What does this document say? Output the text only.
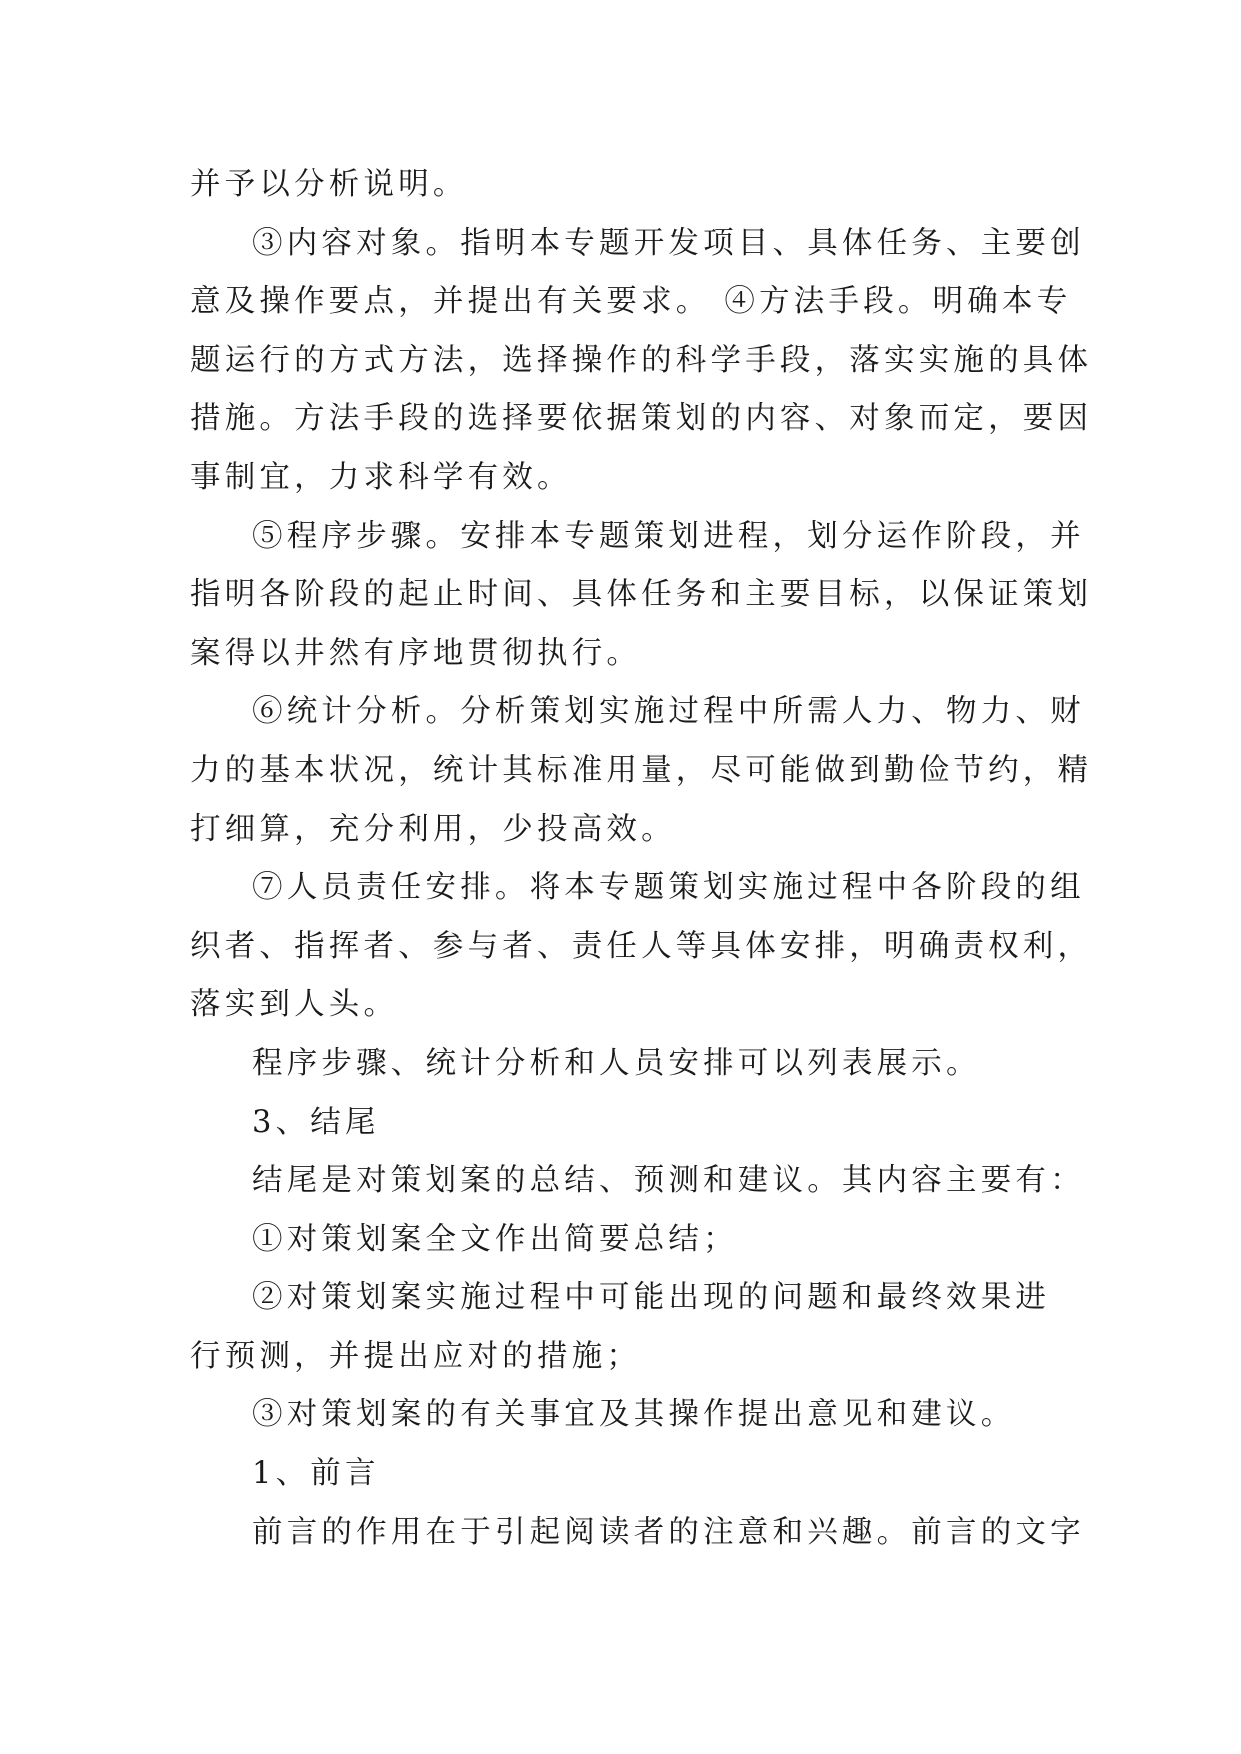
并予以分析说明。

③内容对象。指明本专题开发项目、具体任务、主要创

意及操作要点，并提出有关要求。 ④方法手段。明确本专

题运行的方式方法，选择操作的科学手段，落实实施的具体

措施。方法手段的选择要依据策划的内容、对象而定，要因

事制宜，力求科学有效。

⑤程序步骤。安排本专题策划进程，划分运作阶段，并

指明各阶段的起止时间、具体任务和主要目标，以保证策划

案得以井然有序地贯彻执行。

⑥统计分析。分析策划实施过程中所需人力、物力、财

力的基本状况，统计其标准用量，尽可能做到勤俭节约，精

打细算，充分利用，少投高效。

⑦人员责任安排。将本专题策划实施过程中各阶段的组

织者、指挥者、参与者、责任人等具体安排，明确责权利，

落实到人头。

程序步骤、统计分析和人员安排可以列表展示。

3、结尾

结尾是对策划案的总结、预测和建议。其内容主要有：

①对策划案全文作出简要总结；

②对策划案实施过程中可能出现的问题和最终效果进

行预测，并提出应对的措施；

③对策划案的有关事宜及其操作提出意见和建议。

1、前言

前言的作用在于引起阅读者的注意和兴趣。前言的文字
